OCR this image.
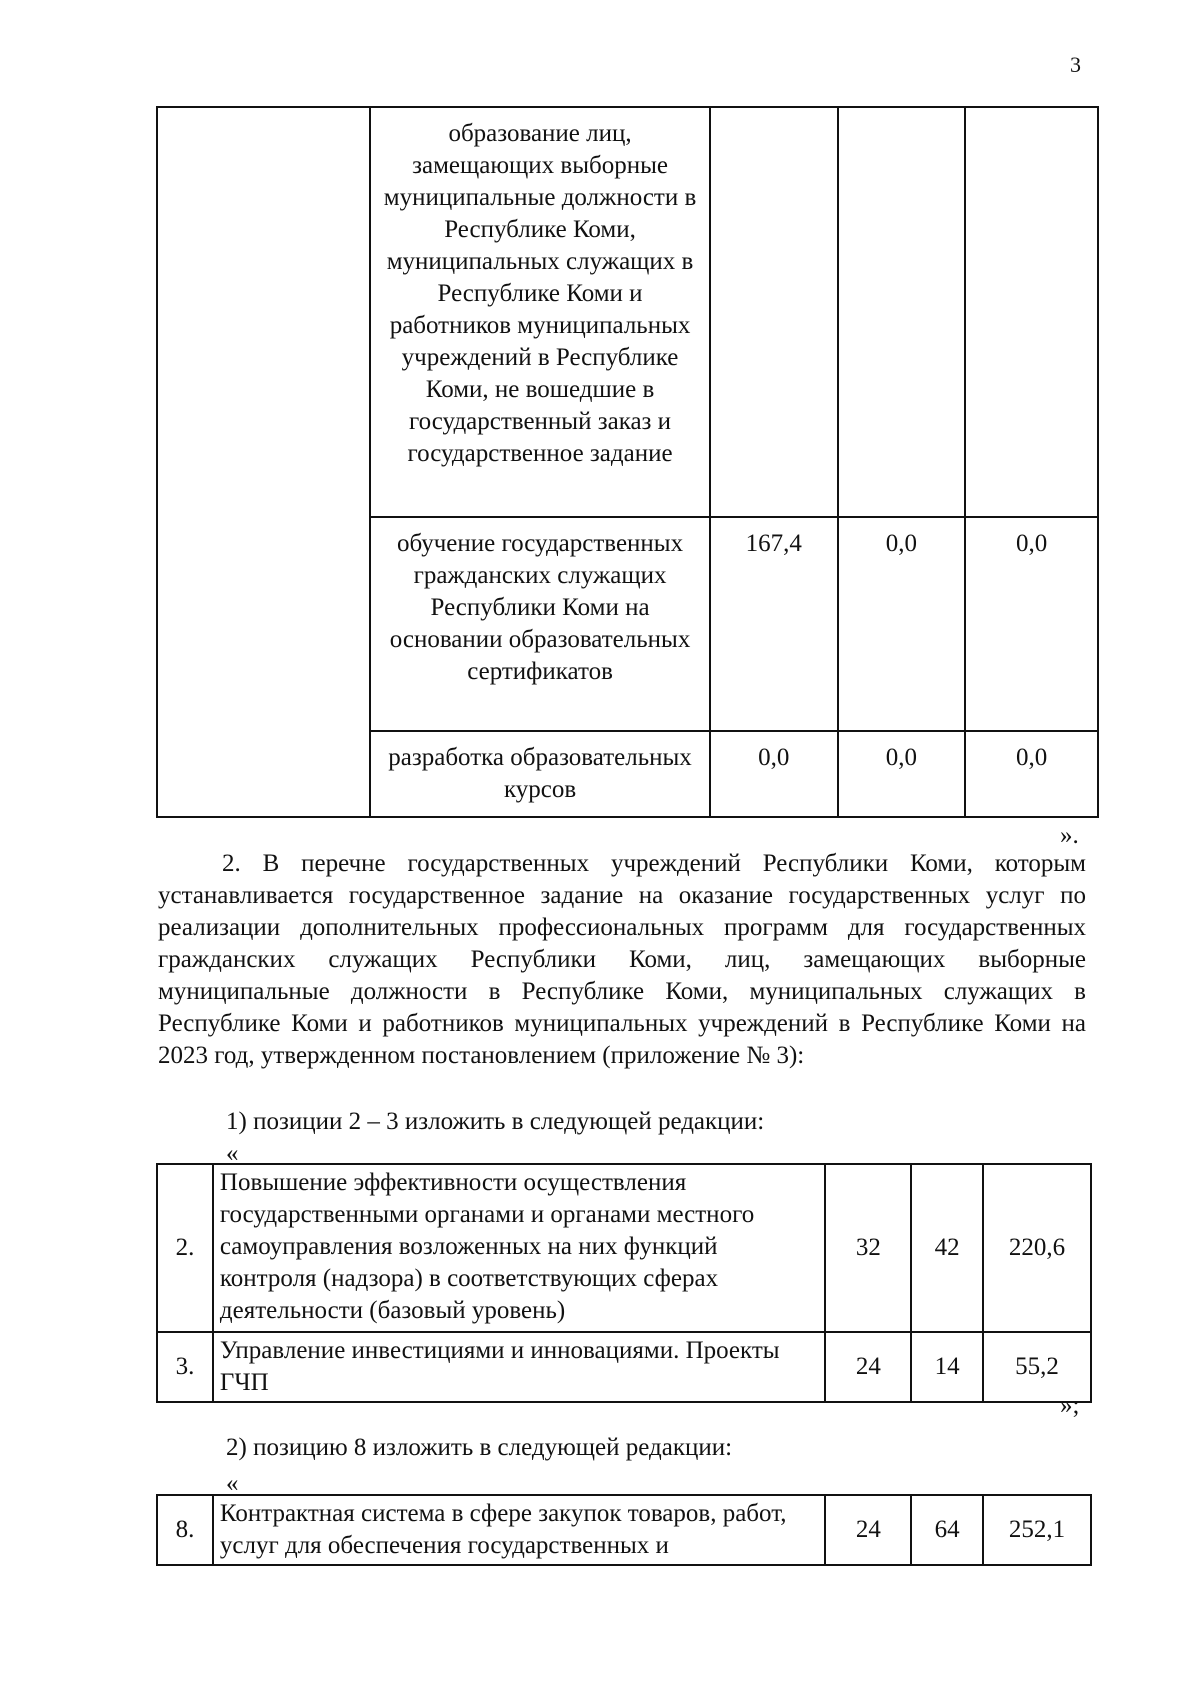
3
	образование лиц, замещающих выборные муниципальные должности в Республике Коми, муниципальных служащих в Республике Коми и работников муниципальных учреждений в Республике Коми, не вошедшие в государственный заказ и государственное задание			
	обучение государственных гражданских служащих Республики Коми на основании образовательных сертификатов	167,4	0,0	0,0
	разработка образовательных курсов	0,0	0,0	0,0
».
2. В перечне государственных учреждений Республики Коми, которым устанавливается государственное задание на оказание государственных услуг по реализации дополнительных профессиональных программ для государственных гражданских служащих Республики Коми, лиц, замещающих выборные муниципальные должности в Республике Коми, муниципальных служащих в Республике Коми и работников муниципальных учреждений в Республике Коми на 2023 год, утвержденном постановлением (приложение № 3):
1) позиции 2 – 3 изложить в следующей редакции:
«
2.	Повышение эффективности осуществления государственными органами и органами местного самоуправления возложенных на них функций контроля (надзора) в соответствующих сферах деятельности (базовый уровень)	32	42	220,6
3.	Управление инвестициями и инновациями. Проекты ГЧП	24	14	55,2
»;
2) позицию 8 изложить в следующей редакции:
«
8.	Контрактная система в сфере закупок товаров, работ, услуг для обеспечения государственных и	24	64	252,1
